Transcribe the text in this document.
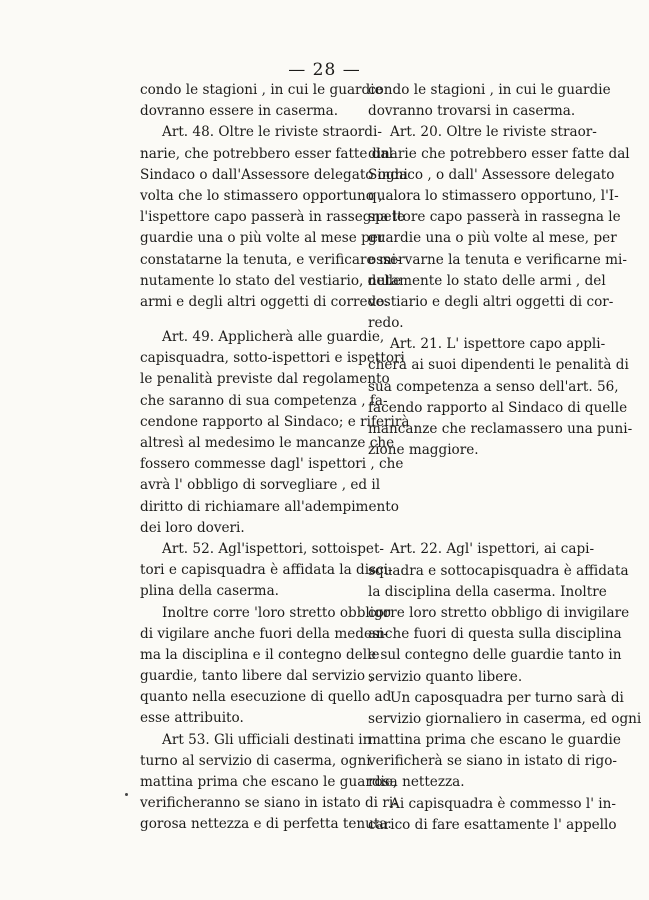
— 28 —
condo le stagioni , in cui le guardie
dovranno essere in caserma.
Art. 48. Oltre le riviste straordi-
narie, che potrebbero esser fatte dal
Sindaco o dall'Assessore delegato ogni
volta che lo stimassero opportuno ,
l'ispettore capo passerà in rassegna le
guardie una o più volte al mese per
constatarne la tenuta, e verificare mi-
nutamente lo stato del vestiario, delle
armi e degli altri oggetti di corredo.
Art. 49. Applicherà alle guardie,
capisquadra, sotto-ispettori e ispettori
le penalità previste dal regolamento
che saranno di sua competenza , fa-
cendone rapporto al Sindaco; e riferirà
altresì al medesimo le mancanze che
fossero commesse dagl' ispettori , che
avrà l' obbligo di sorvegliare , ed il
diritto di richiamare all'adempimento
dei loro doveri.
Art. 52. Agl'ispettori, sottoispet-
tori e capisquadra è affidata la disci-
plina della caserma.
Inoltre corre 'loro stretto obbligo
di vigilare anche fuori della medesi-
ma la disciplina e il contegno delle
guardie, tanto libere dal servizio ,
quanto nella esecuzione di quello ad
esse attribuito.
Art 53. Gli ufficiali destinati in
turno al servizio di caserma, ogni
mattina prima che escano le guardie,
verificheranno se siano in istato di ri-
gorosa nettezza e di perfetta tenuta.
condo le stagioni , in cui le guardie
dovranno trovarsi in caserma.
Art. 20. Oltre le riviste straor-
dinarie che potrebbero esser fatte dal
Sindaco , o dall' Assessore delegato
qualora lo stimassero opportuno, l'I-
spettore capo passerà in rassegna le
guardie una o più volte al mese, per
osservarne la tenuta e verificarne mi-
nutamente lo stato delle armi , del
vestiario e degli altri oggetti di cor-
redo.
Art. 21. L' ispettore capo appli-
cherà ai suoi dipendenti le penalità di
sua competenza a senso dell'art. 56,
facendo rapporto al Sindaco di quelle
mancanze che reclamassero una puni-
zione maggiore.
Art. 22. Agl' ispettori, ai capi-
squadra e sottocapisquadra è affidata
la disciplina della caserma. Inoltre
corre loro stretto obbligo di invigilare
anche fuori di questa sulla disciplina
e sul contegno delle guardie tanto in
servizio quanto libere.
Un caposquadra per turno sarà di
servizio giornaliero in caserma, ed ogni
mattina prima che escano le guardie
verificherà se siano in istato di rigo-
rosa nettezza.
Ai capisquadra è commesso l' in-
carico di fare esattamente l' appello
